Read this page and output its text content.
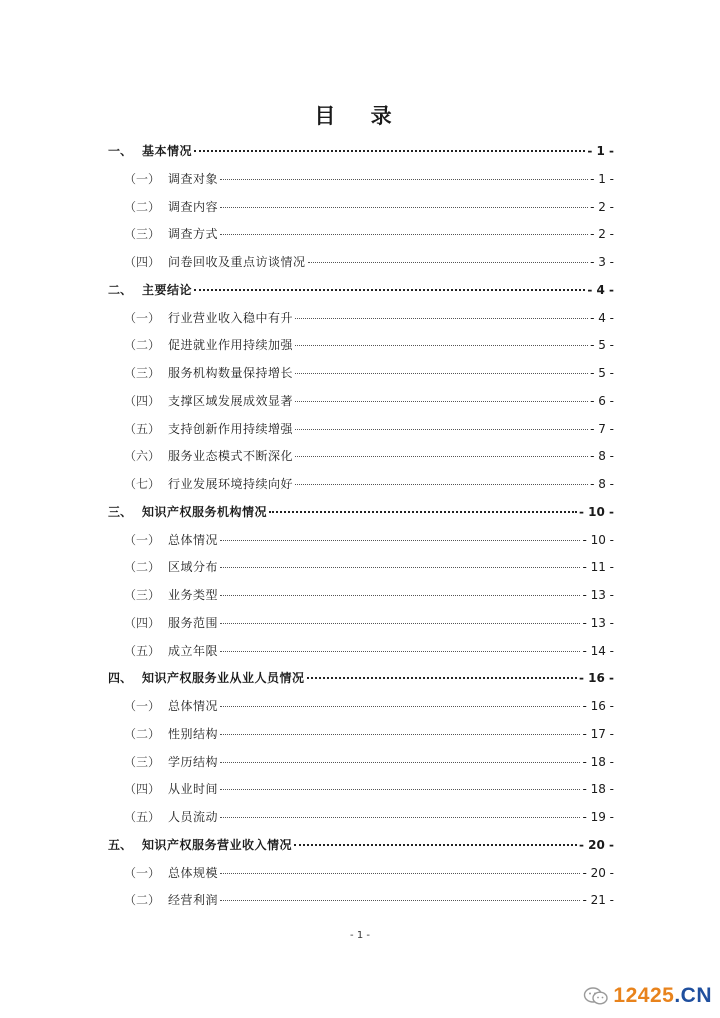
目 录
一、 基本情况	- 1 -
（一） 调查对象	- 1 -
（二） 调查内容	- 2 -
（三） 调查方式	- 2 -
（四） 问卷回收及重点访谈情况	- 3 -
二、 主要结论	- 4 -
（一） 行业营业收入稳中有升	- 4 -
（二） 促进就业作用持续加强	- 5 -
（三） 服务机构数量保持增长	- 5 -
（四） 支撑区域发展成效显著	- 6 -
（五） 支持创新作用持续增强	- 7 -
（六） 服务业态模式不断深化	- 8 -
（七） 行业发展环境持续向好	- 8 -
三、 知识产权服务机构情况	- 10 -
（一） 总体情况	- 10 -
（二） 区域分布	- 11 -
（三） 业务类型	- 13 -
（四） 服务范围	- 13 -
（五） 成立年限	- 14 -
四、 知识产权服务业从业人员情况	- 16 -
（一） 总体情况	- 16 -
（二） 性别结构	- 17 -
（三） 学历结构	- 18 -
（四） 从业时间	- 18 -
（五） 人员流动	- 19 -
五、 知识产权服务营业收入情况	- 20 -
（一） 总体规模	- 20 -
（二） 经营利润	- 21 -
- 1 -
12425.CN
